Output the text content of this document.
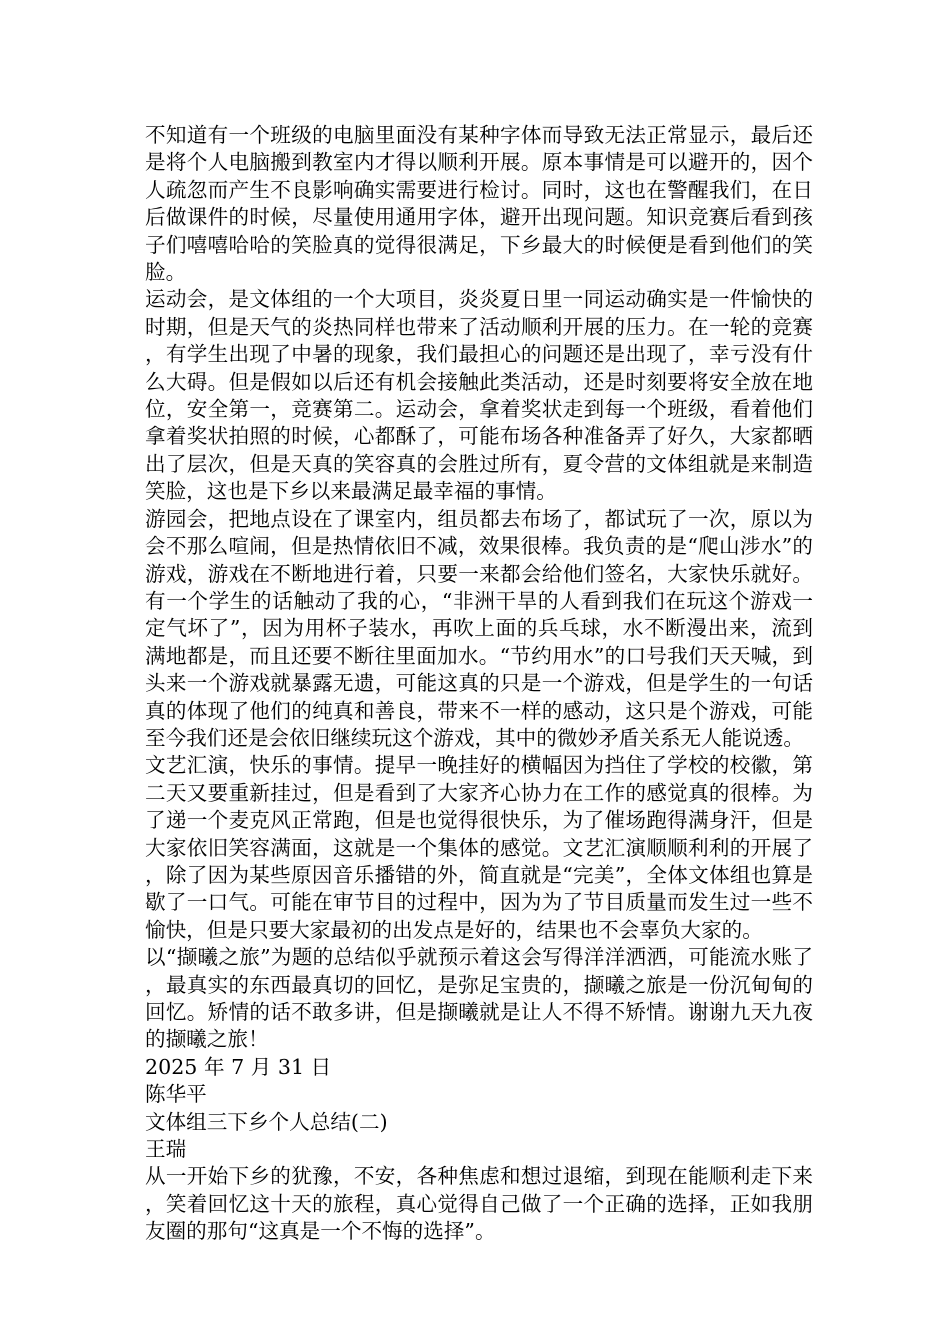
不知道有一个班级的电脑里面没有某种字体而导致无法正常显示，最后还是将个人电脑搬到教室内才得以顺利开展。原本事情是可以避开的，因个人疏忽而产生不良影响确实需要进行检讨。同时，这也在警醒我们，在日后做课件的时候，尽量使用通用字体，避开出现问题。知识竞赛后看到孩子们嘻嘻哈哈的笑脸真的觉得很满足，下乡最大的时候便是看到他们的笑脸。

运动会，是文体组的一个大项目，炎炎夏日里一同运动确实是一件愉快的时期，但是天气的炎热同样也带来了活动顺利开展的压力。在一轮的竞赛，有学生出现了中暑的现象，我们最担心的问题还是出现了，幸亏没有什么大碍。但是假如以后还有机会接触此类活动，还是时刻要将安全放在地位，安全第一，竞赛第二。运动会，拿着奖状走到每一个班级，看着他们拿着奖状拍照的时候，心都酥了，可能布场各种准备弄了好久，大家都晒出了层次，但是天真的笑容真的会胜过所有，夏令营的文体组就是来制造笑脸，这也是下乡以来最满足最幸福的事情。

游园会，把地点设在了课室内，组员都去布场了，都试玩了一次，原以为会不那么喧闹，但是热情依旧不减，效果很棒。我负责的是“爬山涉水”的游戏，游戏在不断地进行着，只要一来都会给他们签名，大家快乐就好。有一个学生的话触动了我的心，“非洲干旱的人看到我们在玩这个游戏一定气坏了”，因为用杯子装水，再吹上面的兵乓球，水不断漫出来，流到满地都是，而且还要不断往里面加水。“节约用水”的口号我们天天喊，到头来一个游戏就暴露无遗，可能这真的只是一个游戏，但是学生的一句话真的体现了他们的纯真和善良，带来不一样的感动，这只是个游戏，可能至今我们还是会依旧继续玩这个游戏，其中的微妙矛盾关系无人能说透。

文艺汇演，快乐的事情。提早一晚挂好的横幅因为挡住了学校的校徽，第二天又要重新挂过，但是看到了大家齐心协力在工作的感觉真的很棒。为了递一个麦克风正常跑，但是也觉得很快乐，为了催场跑得满身汗，但是大家依旧笑容满面，这就是一个集体的感觉。文艺汇演顺顺利利的开展了，除了因为某些原因音乐播错的外，简直就是“完美”，全体文体组也算是歇了一口气。可能在审节目的过程中，因为为了节目质量而发生过一些不愉快，但是只要大家最初的出发点是好的，结果也不会辜负大家的。

以“撷曦之旅”为题的总结似乎就预示着这会写得洋洋洒洒，可能流水账了，最真实的东西最真切的回忆，是弥足宝贵的，撷曦之旅是一份沉甸甸的回忆。矫情的话不敢多讲，但是撷曦就是让人不得不矫情。谢谢九天九夜的撷曦之旅！

2025 年 7 月 31 日
陈华平
文体组三下乡个人总结(二)
王瑞

从一开始下乡的犹豫，不安，各种焦虑和想过退缩，到现在能顺利走下来，笑着回忆这十天的旅程，真心觉得自己做了一个正确的选择，正如我朋友圈的那句“这真是一个不悔的选择”。
